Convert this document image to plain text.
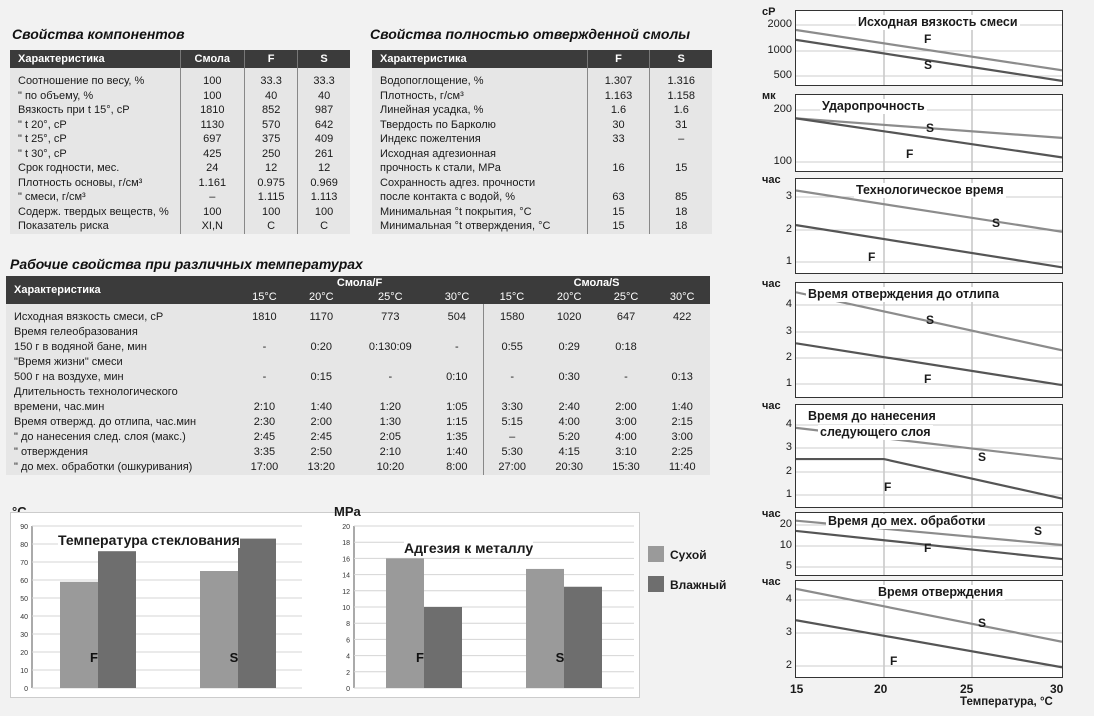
Свойства компонентов
Характеристика	Смола	F	S

Соотношение по весу, %	100	33.3	33.3
" по объему, %	100	40	40
Вязкость при t 15°, cP	1810	852	987
" t 20°, cP	1130	570	642
" t 25°, cP	697	375	409
" t 30°, cP	425	250	261
Срок годности, мес.	24	12	12
Плотность основы, г/см³	1.161	0.975	0.969
" смеси, г/см³	–	1.115	1.113
Содерж. твердых веществ, %	100	100	100
Показатель риска	XI,N	C	C
Свойства полностью отвержденной смолы
Характеристика	F	S

Водопоглощение, %	1.307	1.316
Плотность, г/см³	1.163	1.158
Линейная усадка, %	1.6	1.6
Твердость по Барколю	30	31
Индекс пожелтения	33	–
Исходная адгезионная		
прочность к стали, MPa	16	15
Сохранность адгез. прочности		
после контакта с водой, %	63	85
Минимальная °t покрытия, °C	15	18
Минимальная °t отверждения, °C	15	18
Рабочие свойства при различных температурах
Характеристика	Смола/F				Смола/S			
	15°C	20°C	25°C	30°C	15°C	20°C	25°C	30°C

Исходная вязкость смеси, cP	1810	1170	773	504	1580	1020	647	422
Время гелеобразования								
150 г в водяной бане, мин	-	0:20	0:130:09	-	0:55	0:29	0:18	
"Время жизни" смеси								
500 г на воздухе, мин	-	0:15	-	0:10	-	0:30	-	0:13
Длительность технологического								
времени, час.мин	2:10	1:40	1:20	1:05	3:30	2:40	2:00	1:40
Время отвержд. до отлипа, час.мин	2:30	2:00	1:30	1:15	5:15	4:00	3:00	2:15
" до нанесения след. слоя (макс.)	2:45	2:45	2:05	1:35	–	5:20	4:00	3:00
" отверждения	3:35	2:50	2:10	1:40	5:30	4:15	3:10	2:25
" до мех. обработки (ошкуривания)	17:00	13:20	10:20	8:00	27:00	20:30	15:30	11:40
0
10
20
30
40
50
60
70
80
90
F	S
Температура стеклования
MPa
0
2
4
6
8
10
12
14
16
18
20
F	S
Адгезия к металлу	Сухой
Влажный
Исходная вязкость смеси
F
S
cP
2000
1000
500
Ударопрочность
S
F
мк
200
100
Технологическое время
S
F
час
3
2
1
Время отверждения до отлипа
S
F
час
4
3
2
1
Время до нанесения
следующего слоя
S
F
час
4
3
2
1
Время до мех. обработки
S
F
час
20
10
5
Время отверждения
S
F
час
4
3
2
15	20	25	30
Температура, °C
